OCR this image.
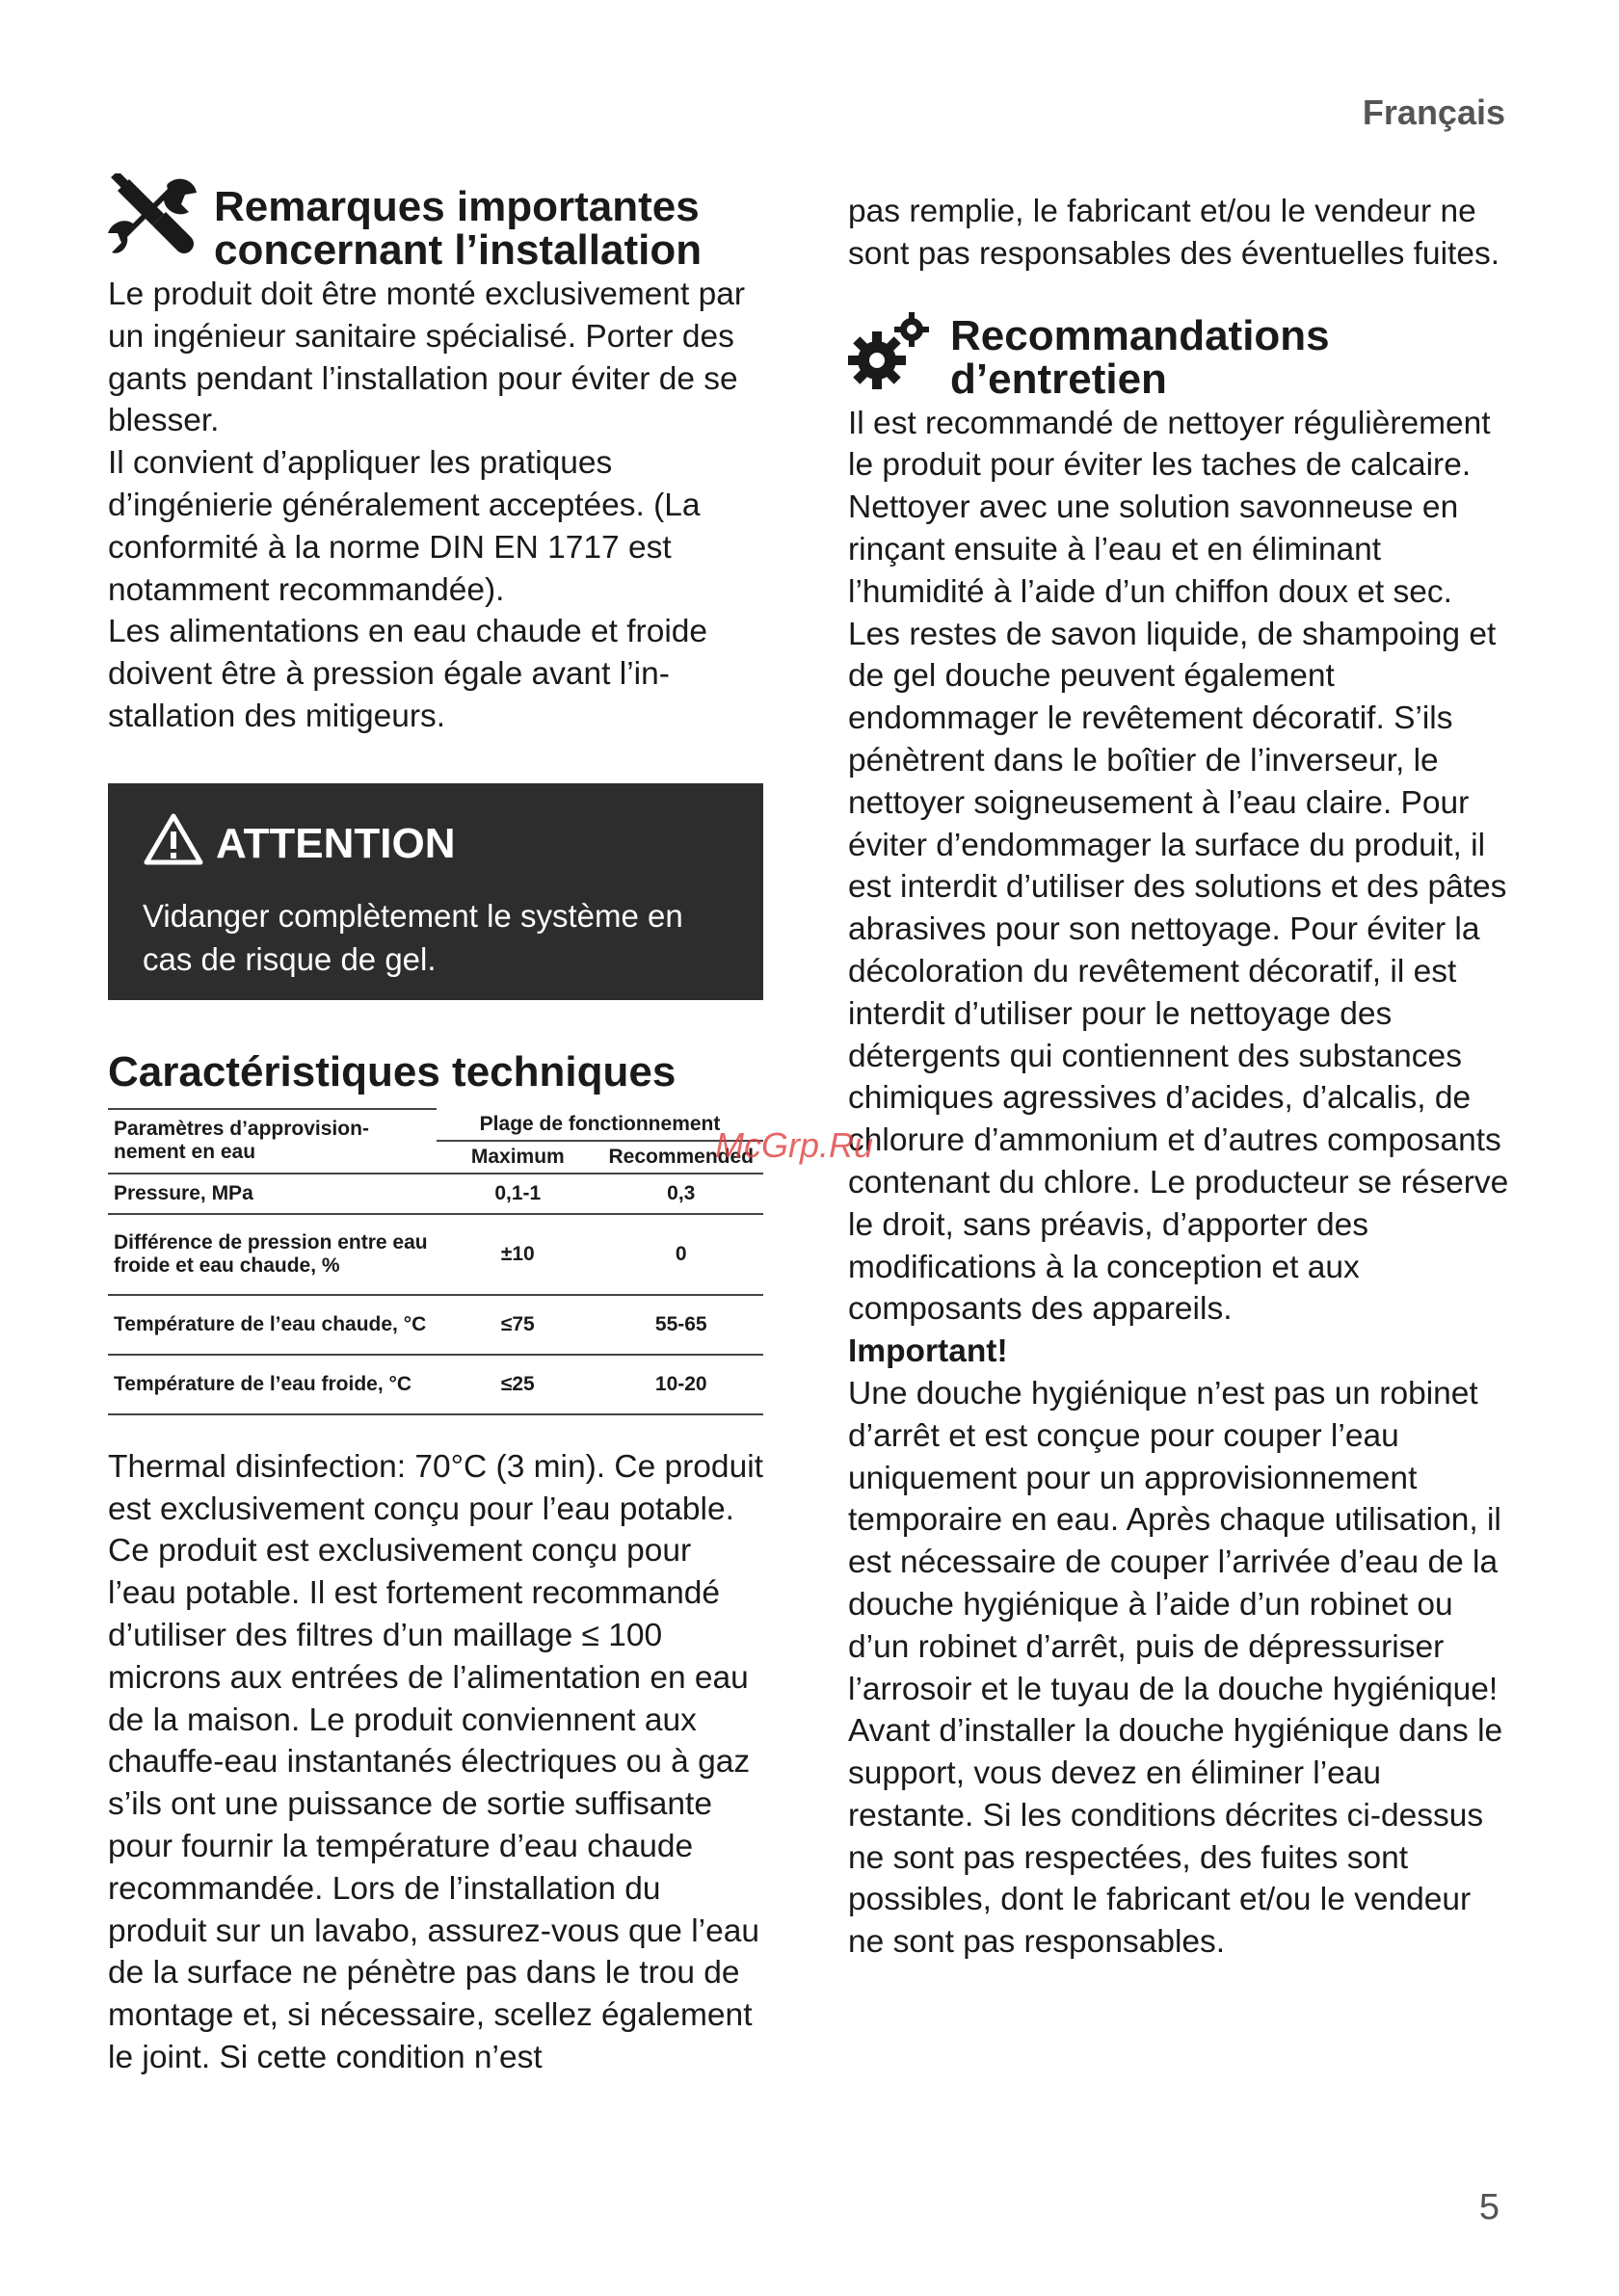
Français
Remarques importantes
concernant l’installation

Le produit doit être monté exclusivement par un ingénieur sanitaire spécialisé. Porter des gants pendant l’installation pour éviter de se blesser.

Il convient d’appliquer les pratiques d’ingénierie généralement acceptées. (La conformité à la norme DIN EN 1717 est notamment recommandée).

Les alimentations en eau chaude et froide doivent être à pression égale avant l’installation des mitigeurs.

ATTENTION
Vidanger complètement le système en cas de risque de gel.
Caractéristiques techniques
Paramètres d’approvisionnement en eau	Plage de fonctionnement	
	Maximum	Recommended
Pressure, MPa	0,1-1	0,3
Différence de pression entre eau froide et eau chaude, %	±10	0
Température de l’eau chaude, °C	≤75	55-65
Température de l’eau froide, °C	≤25	10-20
Thermal disinfection: 70°C (3 min). Ce produit est exclusivement conçu pour l’eau potable. Ce produit est exclusivement conçu pour l’eau potable. Il est fortement recommandé d’utiliser des filtres d’un maillage ≤ 100 microns aux entrées de l’alimentation en eau de la maison. Le produit conviennent aux chauffe-eau instantanés électriques ou à gaz s’ils ont une puissance de sortie suffisante pour fournir la température d’eau chaude recommandée. Lors de l’installation du produit sur un lavabo, assurez-vous que l’eau de la surface ne pénètre pas dans le trou de montage et, si nécessaire, scellez également le joint. Si cette condition n’est
pas remplie, le fabricant et/ou le vendeur ne sont pas responsables des éventuelles fuites.
Recommandations
d’entretien
Il est recommandé de nettoyer régulièrement le produit pour éviter les taches de calcaire. Nettoyer avec une solution savonneuse en rinçant ensuite à l’eau et en éliminant l’humidité à l’aide d’un chiffon doux et sec. Les restes de savon liquide, de shampoing et de gel douche peuvent également endommager le revêtement décoratif. S’ils pénètrent dans le boîtier de l’inverseur, le nettoyer soigneusement à l’eau claire. Pour éviter d’endommager la surface du produit, il est interdit d’utiliser des solutions et des pâtes abrasives pour son nettoyage. Pour éviter la décoloration du revêtement décoratif, il est interdit d’utiliser pour le nettoyage des détergents qui contiennent des substances chimiques agressives d’acides, d’alcalis, de chlorure d’ammonium et d’autres composants contenant du chlore. Le producteur se réserve le droit, sans préavis, d’apporter des modifications à la conception et aux composants des appareils.
Important!
Une douche hygiénique n’est pas un robinet d’arrêt et est conçue pour couper l’eau uniquement pour un approvisionnement temporaire en eau. Après chaque utilisation, il est nécessaire de couper l’arrivée d’eau de la douche hygiénique à l’aide d’un robinet ou d’un robinet d’arrêt, puis de dépressuriser l’arrosoir et le tuyau de la douche hygiénique! Avant d’installer la douche hygiénique dans le support, vous devez en éliminer l’eau restante. Si les conditions décrites ci-dessus ne sont pas respectées, des fuites sont possibles, dont le fabricant et/ou le vendeur ne sont pas responsables.
McGrp.Ru
5
